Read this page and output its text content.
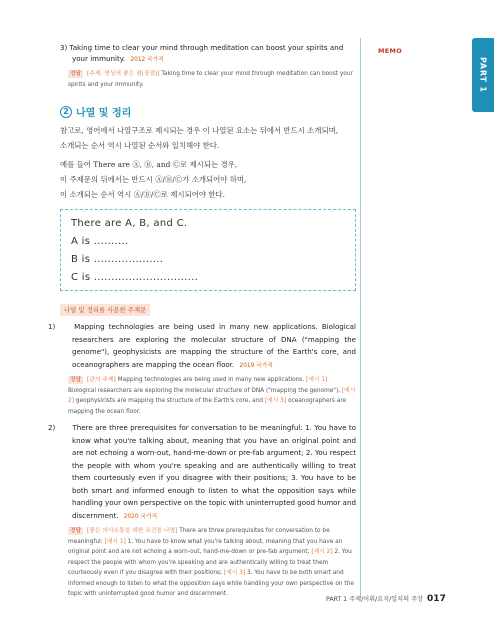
MEMO
PART 1
3) Taking time to clear your mind through meditation can boost your spirits and your immunity. 2012 국가직
정답 [주제: 명상의 좋은 점(장점)] Taking time to clear your mind through meditation can boost your spirits and your immunity.
2 나열 및 정리

참고로, 영어에서 나열구조로 제시되는 경우 이 나열된 요소는 뒤에서 반드시 소개되며,

소개되는 순서 역시 나열된 순서와 일치해야 한다.

예를 들어 There are Ⓐ, Ⓑ, and Ⓒ로 제시되는 경우,

이 주제문의 뒤에서는 반드시 Ⓐ/Ⓑ/Ⓒ가 소개되어야 하며,

이 소개되는 순서 역시 Ⓐ/Ⓑ/Ⓒ로 제시되어야 한다.

There are A, B, and C.
A is ..........
B is ....................
C is ..............................
나열 및 정리를 사용한 주제문
1)	Mapping technologies are being used in many new applications. Biological researchers are exploring the molecular structure of DNA ("mapping the genome"), geophysicists are mapping the structure of the Earth's core, and oceanographers are mapping the ocean floor. 2019 국가직
정답 [관의 주제] Mapping technologies are being used in many new applications. [예시 1] Biological researchers are exploring the molecular structure of DNA ("mapping the genome"), [예시 2] geophysicists are mapping the structure of the Earth's core, and [예시 3] oceanographers are mapping the ocean floor.
2) There are three prerequisites for conversation to be meaningful: 1. You have to know what you're talking about, meaning that you have an original point and are not echoing a worn-out, hand-me-down or pre-fab argument; 2. You respect the people with whom you're speaking and are authentically willing to treat them courteously even if you disagree with their positions; 3. You have to be both smart and informed enough to listen to what the opposition says while handling your own perspective on the topic with uninterrupted good humor and discernment. 2020 국가직
정답 [좋은 의사소통을 위한 조건을 나열] There are three prerequisites for conversation to be meaningful: [예시 1] 1. You have to know what you're talking about, meaning that you have an original point and are not echoing a worn-out, hand-me-down or pre-fab argument; [예시 2] 2. You respect the people with whom you're speaking and are authentically willing to treat them courteously even if you disagree with their positions; [예시 3] 3. You have to be both smart and informed enough to listen to what the opposition says while handling your own perspective on the topic with uninterrupted good humor and discernment.
PART 1 주제/어휘/요지/일치의 주장 017
